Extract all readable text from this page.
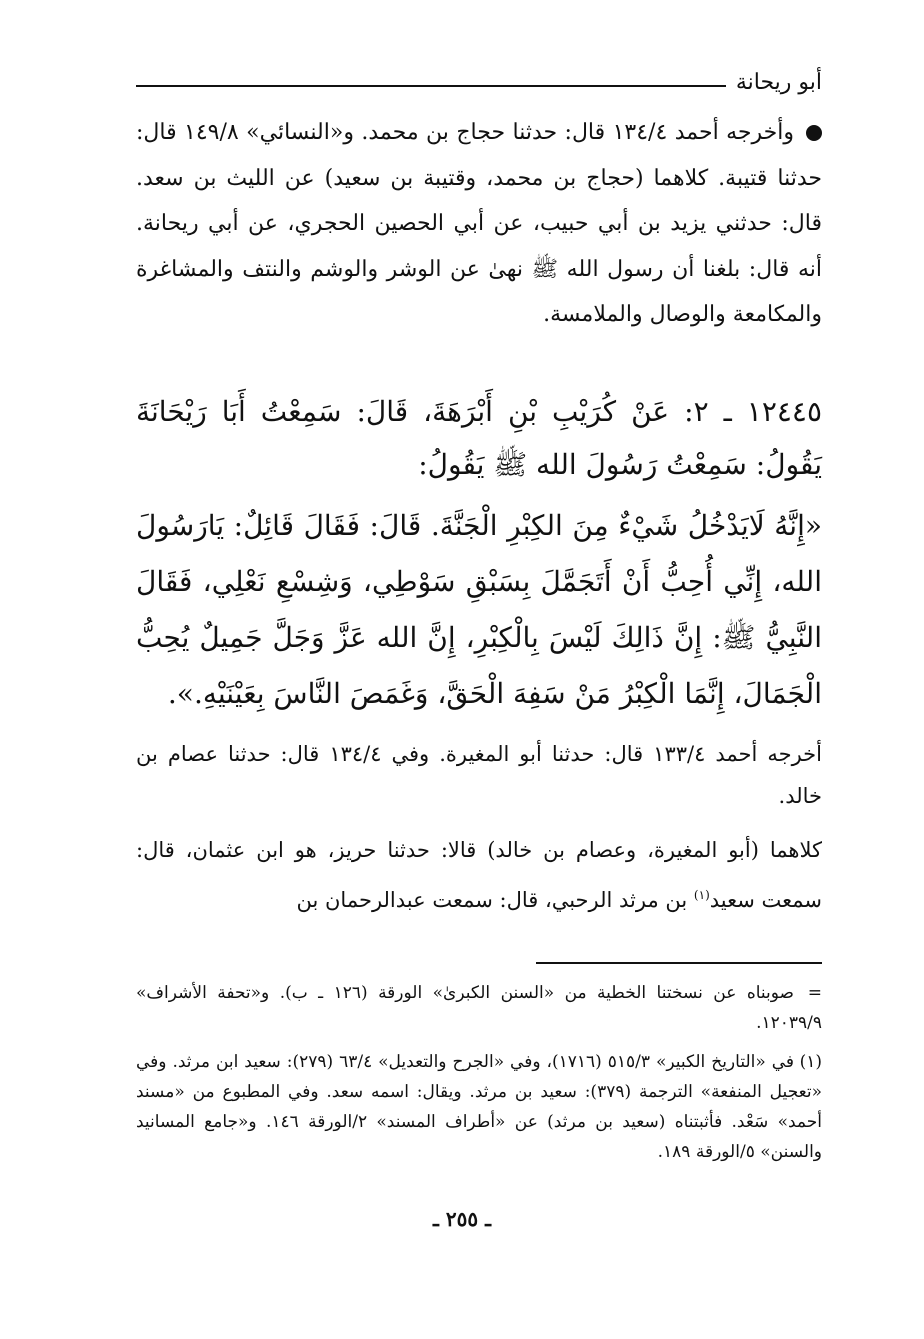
أبو ريحانة
وأخرجه أحمد ١٣٤/٤ قال: حدثنا حجاج بن محمد. و«النسائي» ١٤٩/٨ قال: حدثنا قتيبة. كلاهما (حجاج بن محمد، وقتيبة بن سعيد) عن الليث بن سعد. قال: حدثني يزيد بن أبي حبيب، عن أبي الحصين الحجري، عن أبي ريحانة. أنه قال: بلغنا أن رسول الله ﷺ نهىٰ عن الوشر والوشم والنتف والمشاغرة والمكامعة والوصال والملامسة.
١٢٤٤٥ ـ ٢: عَنْ كُرَيْبِ بْنِ أَبْرَهَةَ، قَالَ: سَمِعْتُ أَبَا رَيْحَانَةَ يَقُولُ: سَمِعْتُ رَسُولَ الله ﷺ يَقُولُ:
«إِنَّهُ لَايَدْخُلُ شَيْءٌ مِنَ الكِبْرِ الْجَنَّةَ. قَالَ: فَقَالَ قَائِلٌ: يَارَسُولَ الله، إِنِّي أُحِبُّ أَنْ أَتَجَمَّلَ بِسَبْقِ سَوْطِي، وَشِسْعِ نَعْلِي، فَقَالَ النَّبِيُّ ﷺ: إِنَّ ذَالِكَ لَيْسَ بِالْكِبْرِ، إِنَّ الله عَزَّ وَجَلَّ جَمِيلٌ يُحِبُّ الْجَمَالَ، إِنَّمَا الْكِبْرُ مَنْ سَفِهَ الْحَقَّ، وَغَمَصَ النَّاسَ بِعَيْنَيْهِ.».
أخرجه أحمد ١٣٣/٤ قال: حدثنا أبو المغيرة. وفي ١٣٤/٤ قال: حدثنا عصام بن خالد.
كلاهما (أبو المغيرة، وعصام بن خالد) قالا: حدثنا حريز، هو ابن عثمان، قال: سمعت سعيد$^{(١)}$ بن مرثد الرحبي، قال: سمعت عبدالرحمان بن
=صوبناه عن نسختنا الخطية من «السنن الكبرىٰ» الورقة (١٢٦ ـ ب). و«تحفة الأشراف» ١٢٠٣٩/٩.
(١)في «التاريخ الكبير» ٥١٥/٣ (١٧١٦)، وفي «الجرح والتعديل» ٦٣/٤ (٢٧٩): سعيد ابن مرثد. وفي «تعجيل المنفعة» الترجمة (٣٧٩): سعيد بن مرثد. ويقال: اسمه سعد. وفي المطبوع من «مسند أحمد» سَعْد. فأثبتناه (سعيد بن مرثد) عن «أطراف المسند» ٢/الورقة ١٤٦. و«جامع المسانيد والسنن» ٥/الورقة ١٨٩.
ـ ٢٥٥ ـ
